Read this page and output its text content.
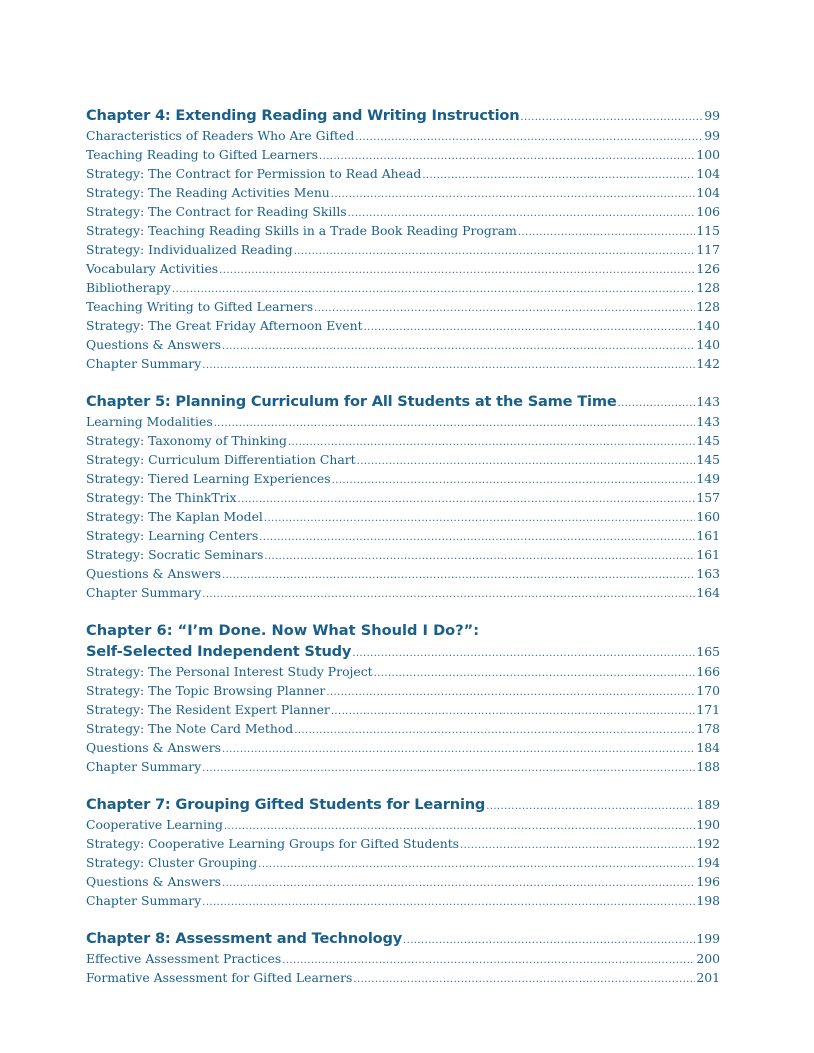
Chapter 4: Extending Reading and Writing Instruction .....	99
Characteristics of Readers Who Are Gifted .....	99
Teaching Reading to Gifted Learners .....	100
Strategy: The Contract for Permission to Read Ahead .....	104
Strategy: The Reading Activities Menu .....	104
Strategy: The Contract for Reading Skills .....	106
Strategy: Teaching Reading Skills in a Trade Book Reading Program .....	115
Strategy: Individualized Reading .....	117
Vocabulary Activities .....	126
Bibliotherapy .....	128
Teaching Writing to Gifted Learners .....	128
Strategy: The Great Friday Afternoon Event .....	140
Questions & Answers .....	140
Chapter Summary .....	142
Chapter 5: Planning Curriculum for All Students at the Same Time .....	143
Learning Modalities .....	143
Strategy: Taxonomy of Thinking .....	145
Strategy: Curriculum Differentiation Chart .....	145
Strategy: Tiered Learning Experiences .....	149
Strategy: The ThinkTrix .....	157
Strategy: The Kaplan Model .....	160
Strategy: Learning Centers .....	161
Strategy: Socratic Seminars .....	161
Questions & Answers .....	163
Chapter Summary .....	164
Chapter 6: “I’m Done. Now What Should I Do?”:
Self-Selected Independent Study .....	165
Strategy: The Personal Interest Study Project .....	166
Strategy: The Topic Browsing Planner .....	170
Strategy: The Resident Expert Planner .....	171
Strategy: The Note Card Method .....	178
Questions & Answers .....	184
Chapter Summary .....	188
Chapter 7: Grouping Gifted Students for Learning .....	189
Cooperative Learning .....	190
Strategy: Cooperative Learning Groups for Gifted Students .....	192
Strategy: Cluster Grouping .....	194
Questions & Answers .....	196
Chapter Summary .....	198
Chapter 8: Assessment and Technology .....	199
Effective Assessment Practices .....	200
Formative Assessment for Gifted Learners .....	201
